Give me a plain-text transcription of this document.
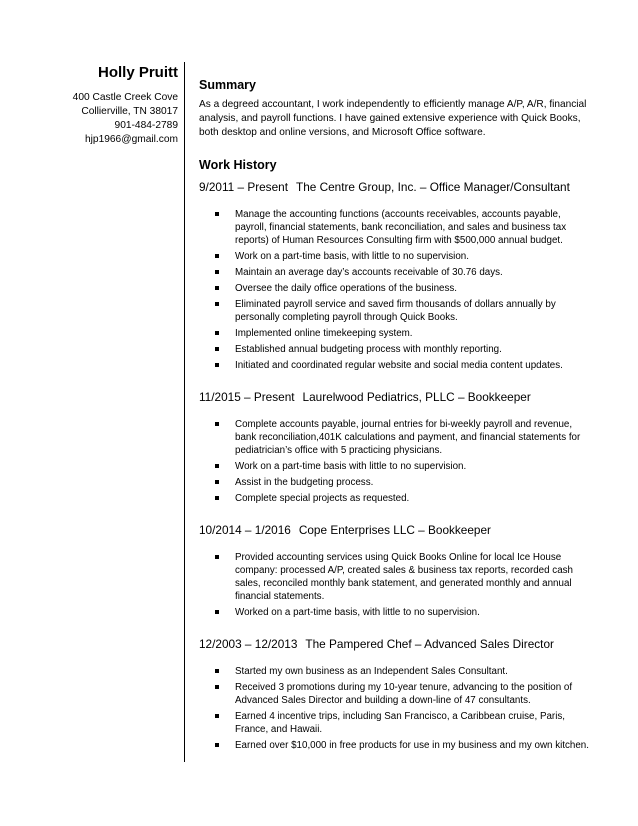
Holly Pruitt
400 Castle Creek Cove
Collierville, TN 38017
901-484-2789
hjp1966@gmail.com
Summary
As a degreed accountant, I work independently to efficiently manage A/P, A/R, financial analysis, and payroll functions. I have gained extensive experience with Quick Books, both desktop and online versions, and Microsoft Office software.
Work History
9/2011 – Present The Centre Group, Inc. – Office Manager/Consultant
Manage the accounting functions (accounts receivables, accounts payable, payroll, financial statements, bank reconciliation, and sales and business tax reports) of Human Resources Consulting firm with $500,000 annual budget.
Work on a part-time basis, with little to no supervision.
Maintain an average day’s accounts receivable of 30.76 days.
Oversee the daily office operations of the business.
Eliminated payroll service and saved firm thousands of dollars annually by personally completing payroll through Quick Books.
Implemented online timekeeping system.
Established annual budgeting process with monthly reporting.
Initiated and coordinated regular website and social media content updates.
11/2015 – Present Laurelwood Pediatrics, PLLC – Bookkeeper
Complete accounts payable, journal entries for bi-weekly payroll and revenue, bank reconciliation,401K calculations and payment, and financial statements for pediatrician’s office with 5 practicing physicians.
Work on a part-time basis with little to no supervision.
Assist in the budgeting process.
Complete special projects as requested.
10/2014 – 1/2016 Cope Enterprises LLC – Bookkeeper
Provided accounting services using Quick Books Online for local Ice House company: processed A/P, created sales & business tax reports, recorded cash sales, reconciled monthly bank statement, and generated monthly and annual financial statements.
Worked on a part-time basis, with little to no supervision.
12/2003 – 12/2013 The Pampered Chef – Advanced Sales Director
Started my own business as an Independent Sales Consultant.
Received 3 promotions during my 10-year tenure, advancing to the position of Advanced Sales Director and building a down-line of 47 consultants.
Earned 4 incentive trips, including San Francisco, a Caribbean cruise, Paris, France, and Hawaii.
Earned over $10,000 in free products for use in my business and my own kitchen.
